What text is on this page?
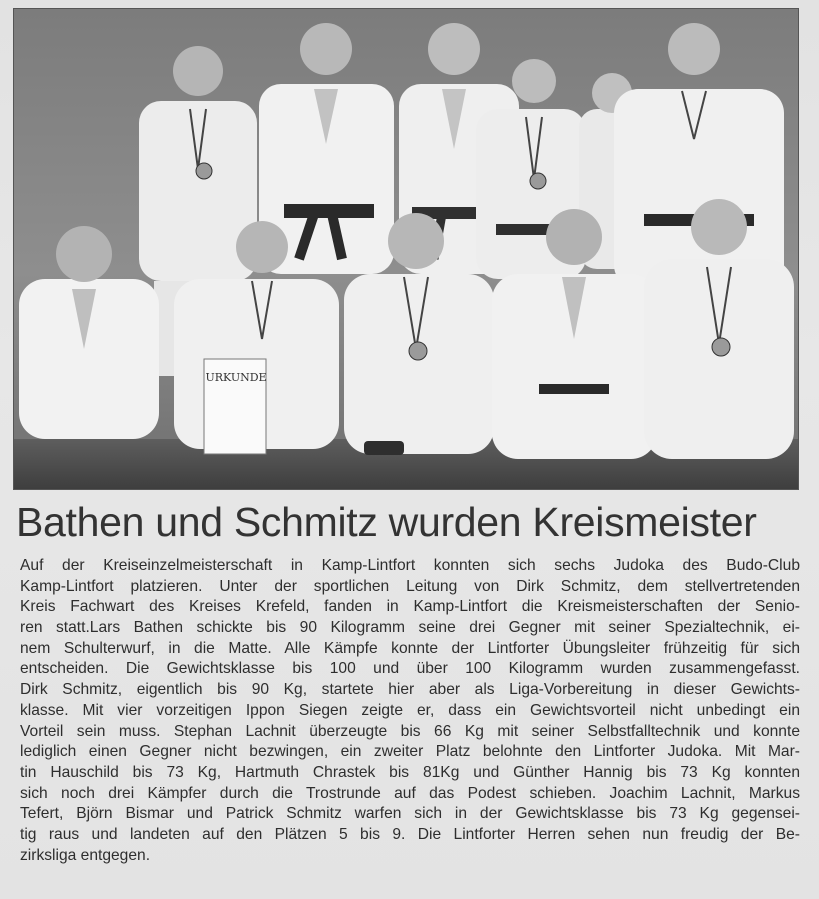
URKUNDE
Bathen und Schmitz wurden Kreismeister
Auf der Kreiseinzelmeisterschaft in Kamp-Lintfort konnten sich sechs Judoka des Budo-Club
Kamp-Lintfort platzieren. Unter der sportlichen Leitung von Dirk Schmitz, dem stellvertretenden
Kreis Fachwart des Kreises Krefeld, fanden in Kamp-Lintfort die Kreismeisterschaften der Senio-
ren statt.Lars Bathen schickte bis 90 Kilogramm seine drei Gegner mit seiner Spezialtechnik, ei-
nem Schulterwurf, in die Matte. Alle Kämpfe konnte der Lintforter Übungsleiter frühzeitig für sich
entscheiden. Die Gewichtsklasse bis 100 und über 100 Kilogramm wurden zusammengefasst.
Dirk Schmitz, eigentlich bis 90 Kg, startete hier aber als Liga-Vorbereitung in dieser Gewichts-
klasse. Mit vier vorzeitigen Ippon Siegen zeigte er, dass ein Gewichtsvorteil nicht unbedingt ein
Vorteil sein muss. Stephan Lachnit überzeugte bis 66 Kg mit seiner Selbstfalltechnik und konnte
lediglich einen Gegner nicht bezwingen, ein zweiter Platz belohnte den Lintforter Judoka. Mit Mar-
tin Hauschild bis 73 Kg, Hartmuth Chrastek bis 81Kg und Günther Hannig bis 73 Kg konnten
sich noch drei Kämpfer durch die Trostrunde auf das Podest schieben. Joachim Lachnit, Markus
Tefert, Björn Bismar und Patrick Schmitz warfen sich in der Gewichtsklasse bis 73 Kg gegensei-
tig raus und landeten auf den Plätzen 5 bis 9. Die Lintforter Herren sehen nun freudig der Be-
zirksliga entgegen.
